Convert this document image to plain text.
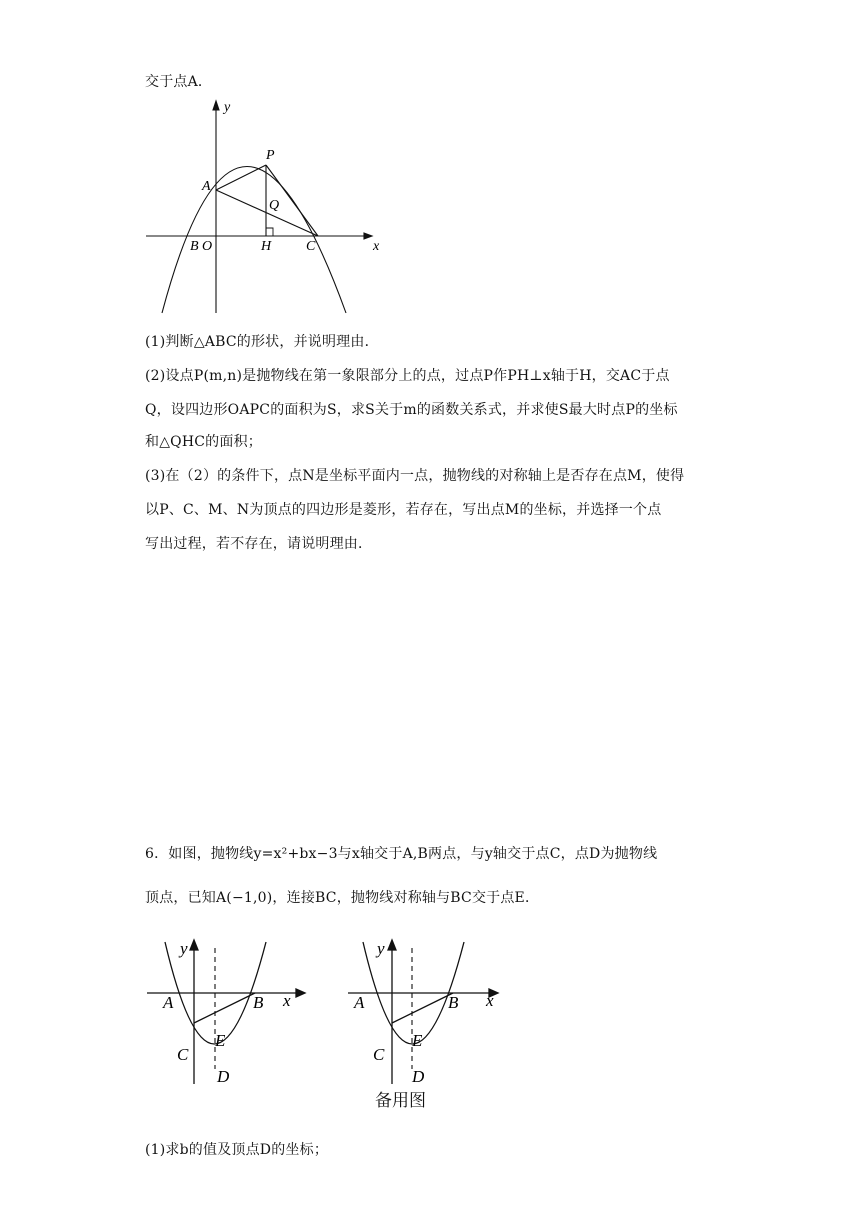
交于点A．
y
P
A
Q
B O	H C	x
(1)判断△ABC的形状，并说明理由．
(2)设点P(m,n)是抛物线在第一象限部分上的点，过点P作PH⊥x轴于H，交AC于点
Q，设四边形OAPC的面积为S，求S关于m的函数关系式，并求使S最大时点P的坐标
和△QHC的面积；
(3)在（2）的条件下，点N是坐标平面内一点，抛物线的对称轴上是否存在点M，使得
以P、C、M、N为顶点的四边形是菱形，若存在，写出点M的坐标，并选择一个点
写出过程，若不存在，请说明理由．
6．如图，抛物线y=x²+bx−3与x轴交于A,B两点，与y轴交于点C，点D为抛物线
顶点，已知A(−1,0)，连接BC，抛物线对称轴与BC交于点E．
y
A	B x
E
C
D
y
A	B x
E
C
D
备用图
(1)求b的值及顶点D的坐标；
